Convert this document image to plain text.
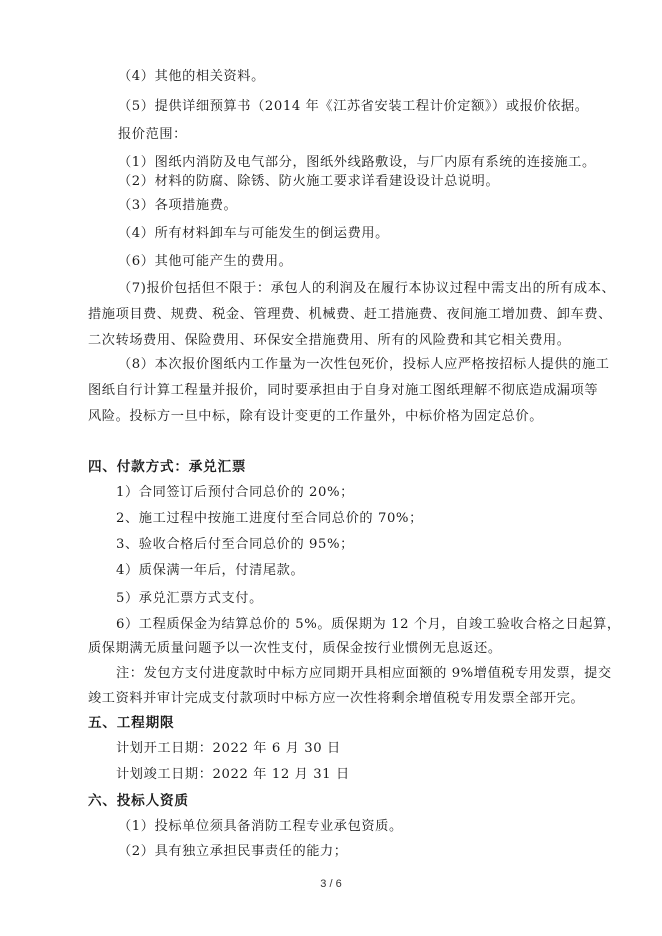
3 / 6
（4）其他的相关资料。
（5）提供详细预算书（2014 年《江苏省安装工程计价定额》）或报价依据。
报价范围：
（1）图纸内消防及电气部分，图纸外线路敷设，与厂内原有系统的连接施工。
（2）材料的防腐、除锈、防火施工要求详看建设设计总说明。
（3）各项措施费。
（4）所有材料卸车与可能发生的倒运费用。
（6）其他可能产生的费用。
（7)报价包括但不限于：承包人的利润及在履行本协议过程中需支出的所有成本、
措施项目费、规费、税金、管理费、机械费、赶工措施费、夜间施工增加费、卸车费、
二次转场费用、保险费用、环保安全措施费用、所有的风险费和其它相关费用。
（8）本次报价图纸内工作量为一次性包死价，投标人应严格按招标人提供的施工
图纸自行计算工程量并报价，同时要承担由于自身对施工图纸理解不彻底造成漏项等
风险。投标方一旦中标，除有设计变更的工作量外，中标价格为固定总价。
四、付款方式：承兑汇票
1）合同签订后预付合同总价的 20%；
2、施工过程中按施工进度付至合同总价的 70%；
3、验收合格后付至合同总价的 95%；
4）质保满一年后，付清尾款。
5）承兑汇票方式支付。
6）工程质保金为结算总价的 5%。质保期为 12 个月，自竣工验收合格之日起算，
质保期满无质量问题予以一次性支付，质保金按行业惯例无息返还。
注：发包方支付进度款时中标方应同期开具相应面额的 9%增值税专用发票，提交
竣工资料并审计完成支付款项时中标方应一次性将剩余增值税专用发票全部开完。
五、工程期限
计划开工日期：2022 年 6 月 30 日
计划竣工日期：2022 年 12 月 31 日
六、投标人资质
（1）投标单位须具备消防工程专业承包资质。
（2）具有独立承担民事责任的能力；
